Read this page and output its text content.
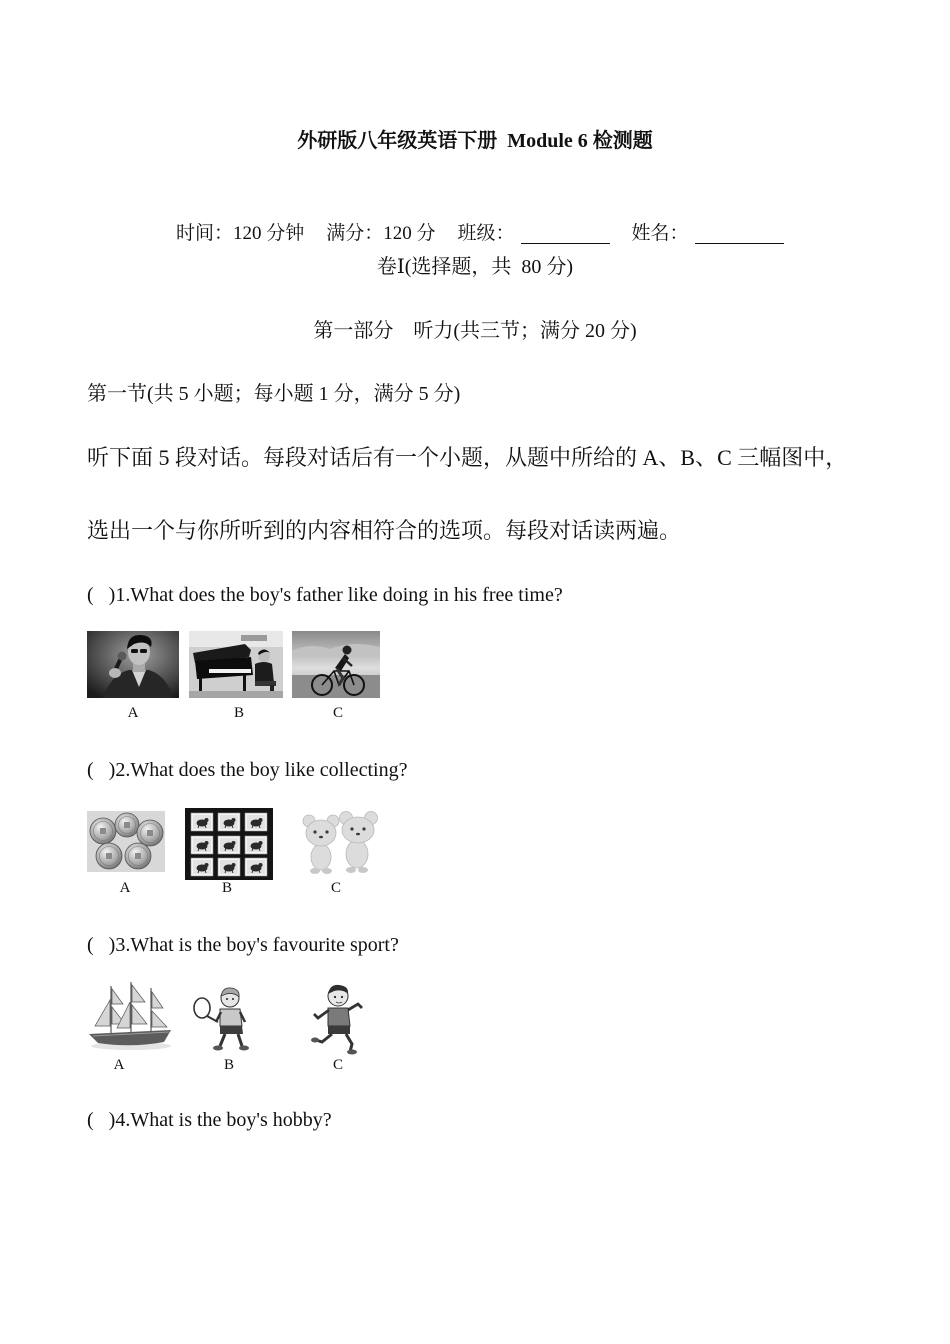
外研版八年级英语下册  Module 6 检测题

时间：120 分钟 满分：120 分 班级：	姓名：

卷Ⅰ(选择题，共  80 分)
第一部分    听力(共三节；满分 20 分)
第一节(共 5 小题；每小题 1 分，满分 5 分)
听下面 5 段对话。每段对话后有一个小题，从题中所给的 A、B、C 三幅图中，
选出一个与你所听到的内容相符合的选项。每段对话读两遍。
(   )1.What does the boy's father like doing in his free time?
A	B	C
(   )2.What does the boy like collecting?
A	B	C
(   )3.What is the boy's favourite sport?
A	B	C
(   )4.What is the boy's hobby?
